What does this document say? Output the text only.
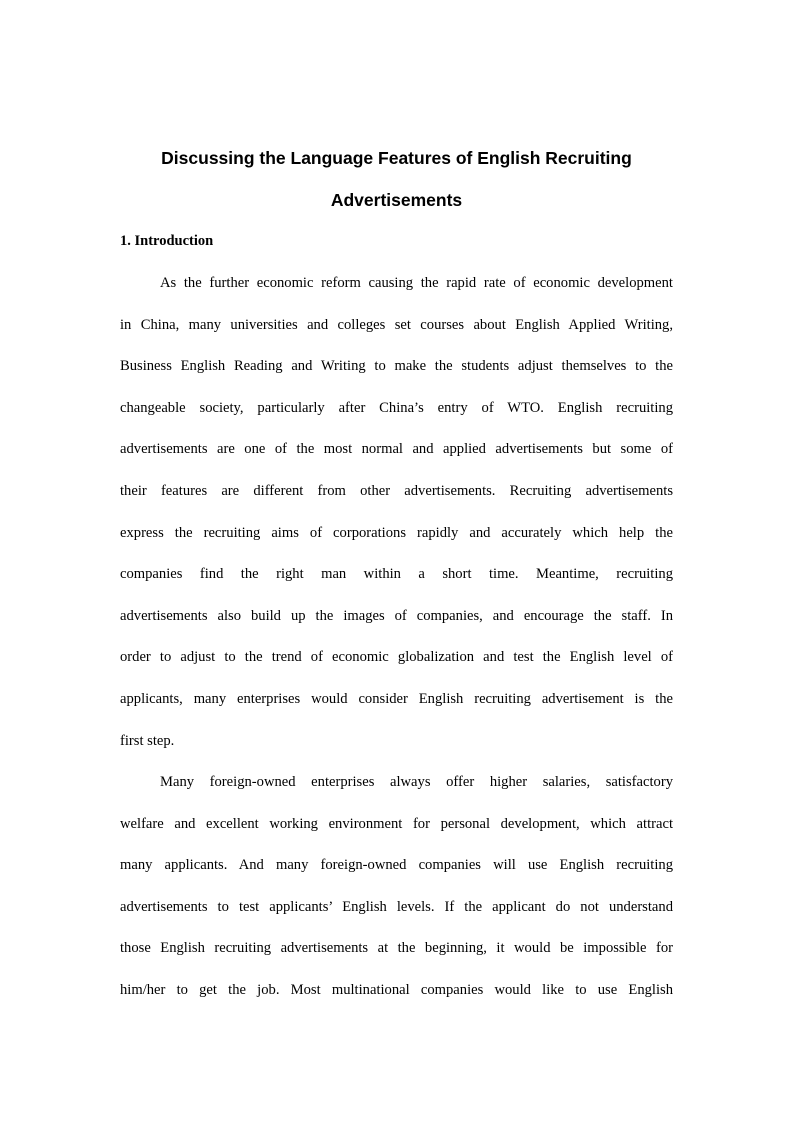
Discussing the Language Features of English Recruiting
Advertisements
1. Introduction
As the further economic reform causing the rapid rate of economic development
in China, many universities and colleges set courses about English Applied Writing,
Business English Reading and Writing to make the students adjust themselves to the
changeable society, particularly after China’s entry of WTO. English recruiting
advertisements are one of the most normal and applied advertisements but some of
their features are different from other advertisements. Recruiting advertisements
express the recruiting aims of corporations rapidly and accurately which help the
companies find the right man within a short time. Meantime, recruiting
advertisements also build up the images of companies, and encourage the staff. In
order to adjust to the trend of economic globalization and test the English level of
applicants, many enterprises would consider English recruiting advertisement is the
first step.
Many foreign-owned enterprises always offer higher salaries, satisfactory
welfare and excellent working environment for personal development, which attract
many applicants. And many foreign-owned companies will use English recruiting
advertisements to test applicants’ English levels. If the applicant do not understand
those English recruiting advertisements at the beginning, it would be impossible for
him/her to get the job. Most multinational companies would like to use English
